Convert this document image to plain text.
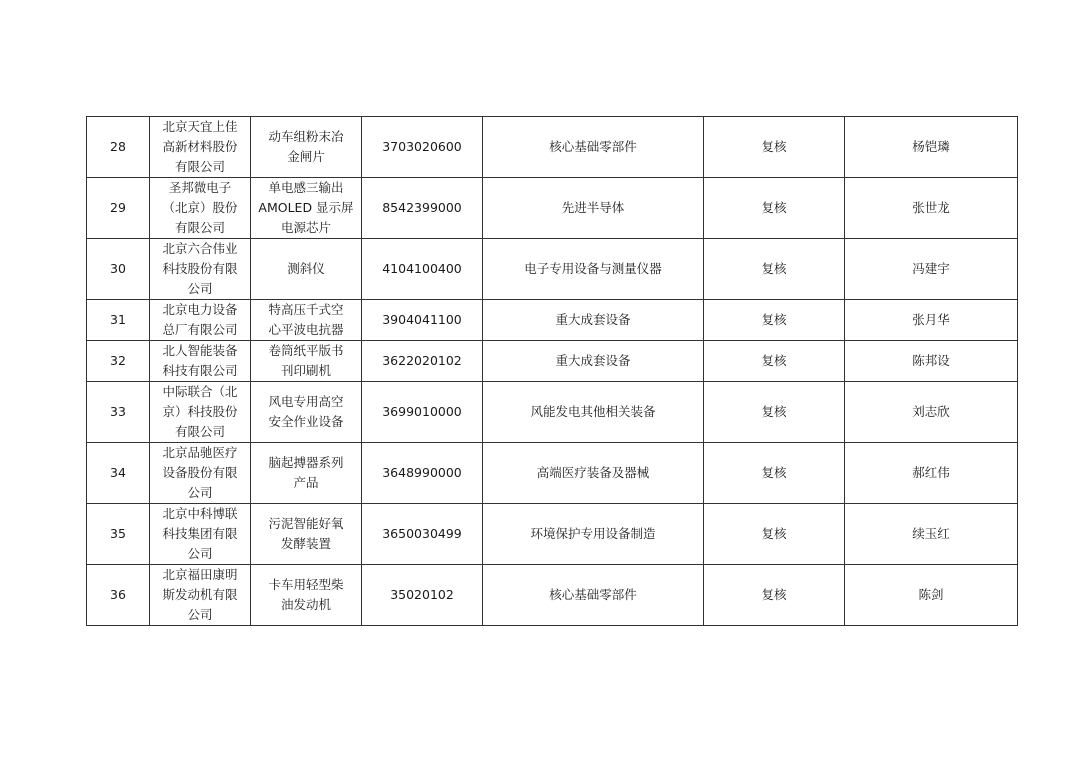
28	北京天宜上佳
高新材料股份
有限公司	动车组粉末冶
金闸片	3703020600	核心基础零部件	复核	杨铠璘
29	圣邦微电子
（北京）股份
有限公司	单电感三输出
AMOLED 显示屏
电源芯片	8542399000	先进半导体	复核	张世龙
30	北京六合伟业
科技股份有限
公司	测斜仪	4104100400	电子专用设备与测量仪器	复核	冯建宇
31	北京电力设备
总厂有限公司	特高压千式空
心平波电抗器	3904041100	重大成套设备	复核	张月华
32	北人智能装备
科技有限公司	卷筒纸平版书
刊印刷机	3622020102	重大成套设备	复核	陈邦设
33	中际联合（北
京）科技股份
有限公司	风电专用高空
安全作业设备	3699010000	风能发电其他相关装备	复核	刘志欣
34	北京品驰医疗
设备股份有限
公司	脑起搏器系列
产品	3648990000	高端医疗装备及器械	复核	郝红伟
35	北京中科博联
科技集团有限
公司	污泥智能好氧
发酵装置	3650030499	环境保护专用设备制造	复核	续玉红
36	北京福田康明
斯发动机有限
公司	卡车用轻型柴
油发动机	35020102	核心基础零部件	复核	陈剑
